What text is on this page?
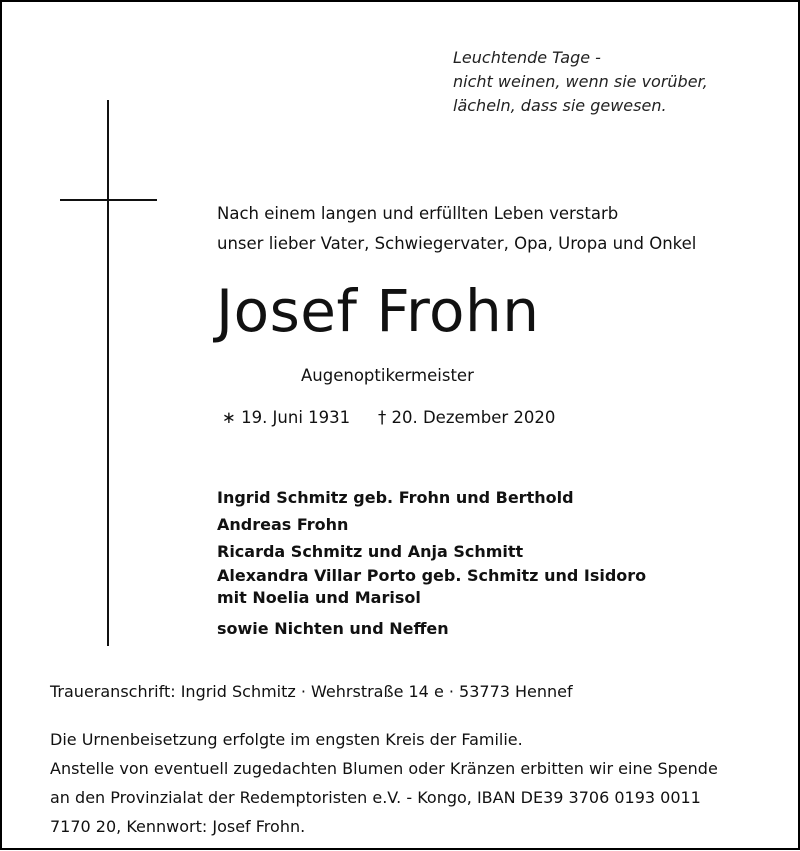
Leuchtende Tage -
nicht weinen, wenn sie vorüber,
lächeln, dass sie gewesen.
Nach einem langen und erfüllten Leben verstarb
unser lieber Vater, Schwiegervater, Opa, Uropa und Onkel
Josef Frohn
Augenoptikermeister
∗ 19. Juni 1931 † 20. Dezember 2020
Ingrid Schmitz geb. Frohn und Berthold
Andreas Frohn
Ricarda Schmitz und Anja Schmitt
Alexandra Villar Porto geb. Schmitz und Isidoro
mit Noelia und Marisol
sowie Nichten und Neffen
Traueranschrift: Ingrid Schmitz · Wehrstraße 14 e · 53773 Hennef
Die Urnenbeisetzung erfolgte im engsten Kreis der Familie.
Anstelle von eventuell zugedachten Blumen oder Kränzen erbitten wir eine Spende
an den Provinzialat der Redemptoristen e.V. - Kongo, IBAN DE39 3706 0193 0011
7170 20, Kennwort: Josef Frohn.
